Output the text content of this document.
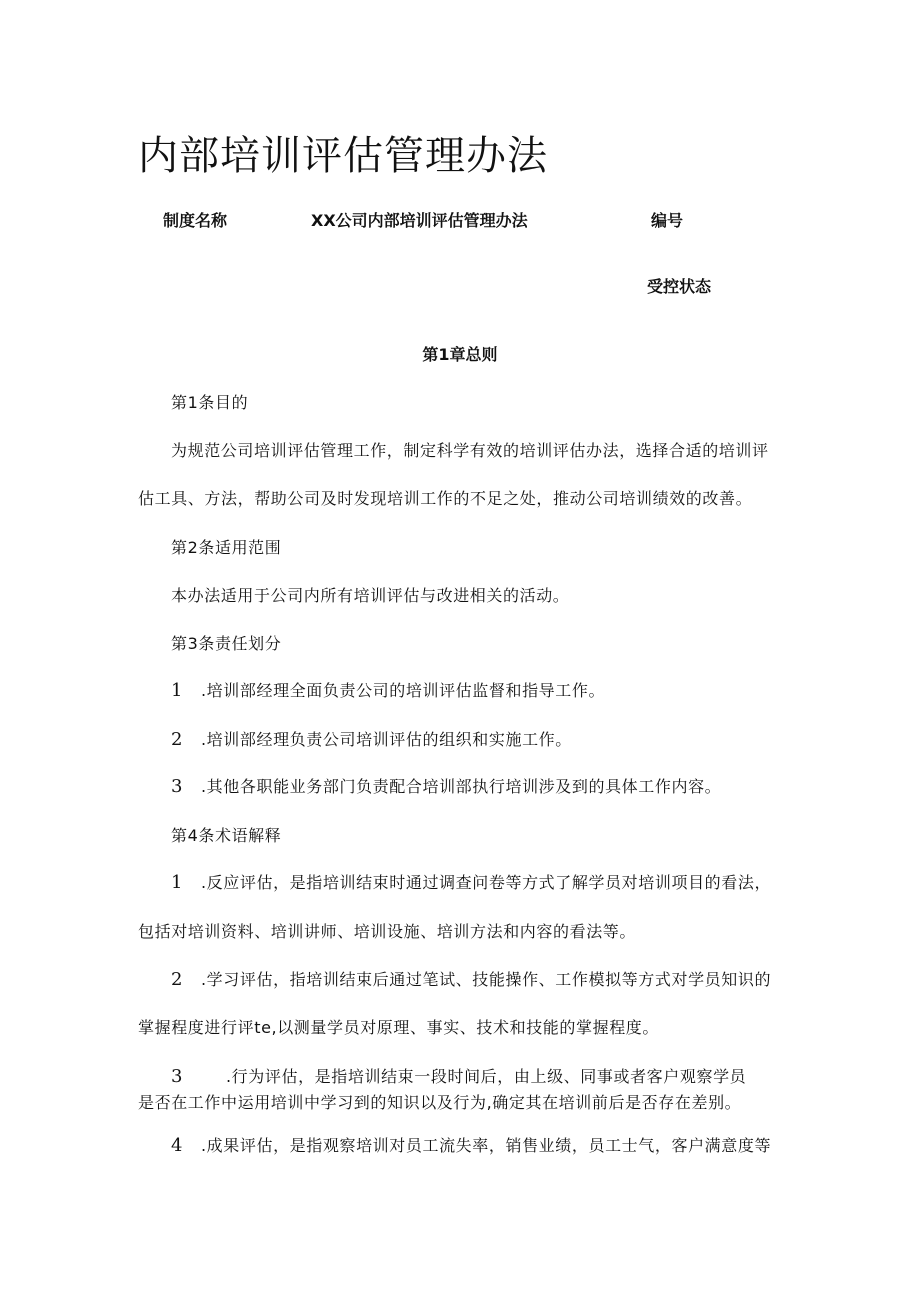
内部培训评估管理办法
制度名称	XX公司内部培训评估管理办法	编号
受控状态
第1章总则
第1条目的
为规范公司培训评估管理工作，制定科学有效的培训评估办法，选择合适的培训评
估工具、方法，帮助公司及时发现培训工作的不足之处，推动公司培训绩效的改善。
第2条适用范围
本办法适用于公司内所有培训评估与改进相关的活动。
第3条责任划分
1 .培训部经理全面负责公司的培训评估监督和指导工作。
2 .培训部经理负责公司培训评估的组织和实施工作。
3 .其他各职能业务部门负责配合培训部执行培训涉及到的具体工作内容。
第4条术语解释
1 .反应评估，是指培训结束时通过调查问卷等方式了解学员对培训项目的看法，
包括对培训资料、培训讲师、培训设施、培训方法和内容的看法等。
2 .学习评估，指培训结束后通过笔试、技能操作、工作模拟等方式对学员知识的
掌握程度进行评te,以测量学员对原理、事实、技术和技能的掌握程度。
3	.行为评估，是指培训结束一段时间后，由上级、同事或者客户观察学员
是否在工作中运用培训中学习到的知识以及行为,确定其在培训前后是否存在差别。
4 .成果评估，是指观察培训对员工流失率，销售业绩，员工士气，客户满意度等
